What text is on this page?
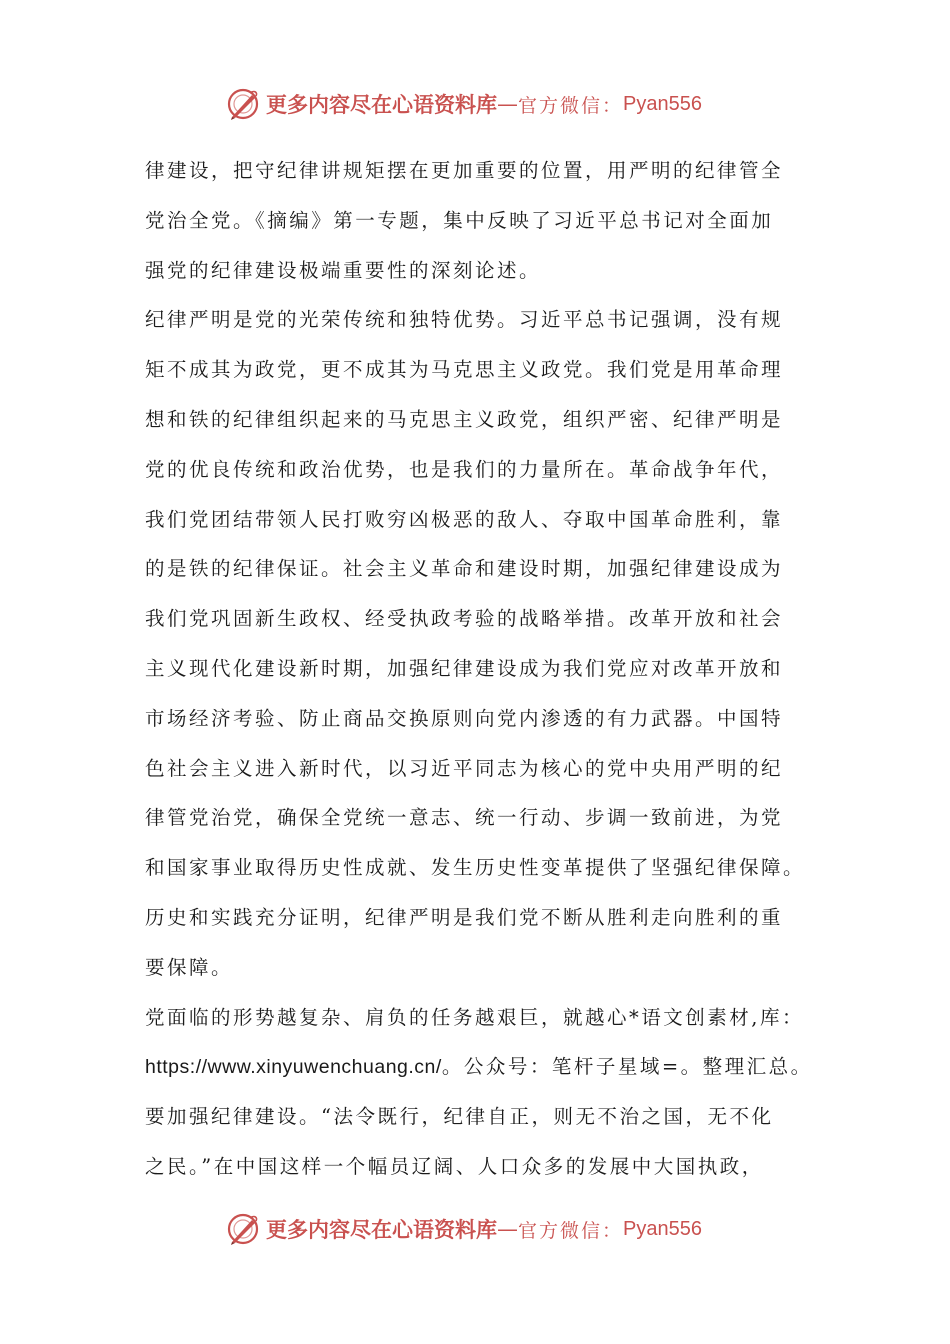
更多内容尽在心语资料库 — 官方微信： Pyan556
律建设，把守纪律讲规矩摆在更加重要的位置，用严明的纪律管全
党治全党。《摘编》第一专题，集中反映了习近平总书记对全面加
强党的纪律建设极端重要性的深刻论述。
纪律严明是党的光荣传统和独特优势。习近平总书记强调，没有规
矩不成其为政党，更不成其为马克思主义政党。我们党是用革命理
想和铁的纪律组织起来的马克思主义政党，组织严密、纪律严明是
党的优良传统和政治优势，也是我们的力量所在。革命战争年代，
我们党团结带领人民打败穷凶极恶的敌人、夺取中国革命胜利，靠
的是铁的纪律保证。社会主义革命和建设时期，加强纪律建设成为
我们党巩固新生政权、经受执政考验的战略举措。改革开放和社会
主义现代化建设新时期，加强纪律建设成为我们党应对改革开放和
市场经济考验、防止商品交换原则向党内渗透的有力武器。中国特
色社会主义进入新时代，以习近平同志为核心的党中央用严明的纪
律管党治党，确保全党统一意志、统一行动、步调一致前进，为党
和国家事业取得历史性成就、发生历史性变革提供了坚强纪律保障。
历史和实践充分证明，纪律严明是我们党不断从胜利走向胜利的重
要保障。
党面临的形势越复杂、肩负的任务越艰巨，就越心*语文创素材,库：
https://www.xinyuwenchuang.cn/。公众号：笔杆子星域=。整理汇总。
要加强纪律建设。“法令既行，纪律自正，则无不治之国，无不化
之民。”在中国这样一个幅员辽阔、人口众多的发展中大国执政，
更多内容尽在心语资料库 — 官方微信： Pyan556
